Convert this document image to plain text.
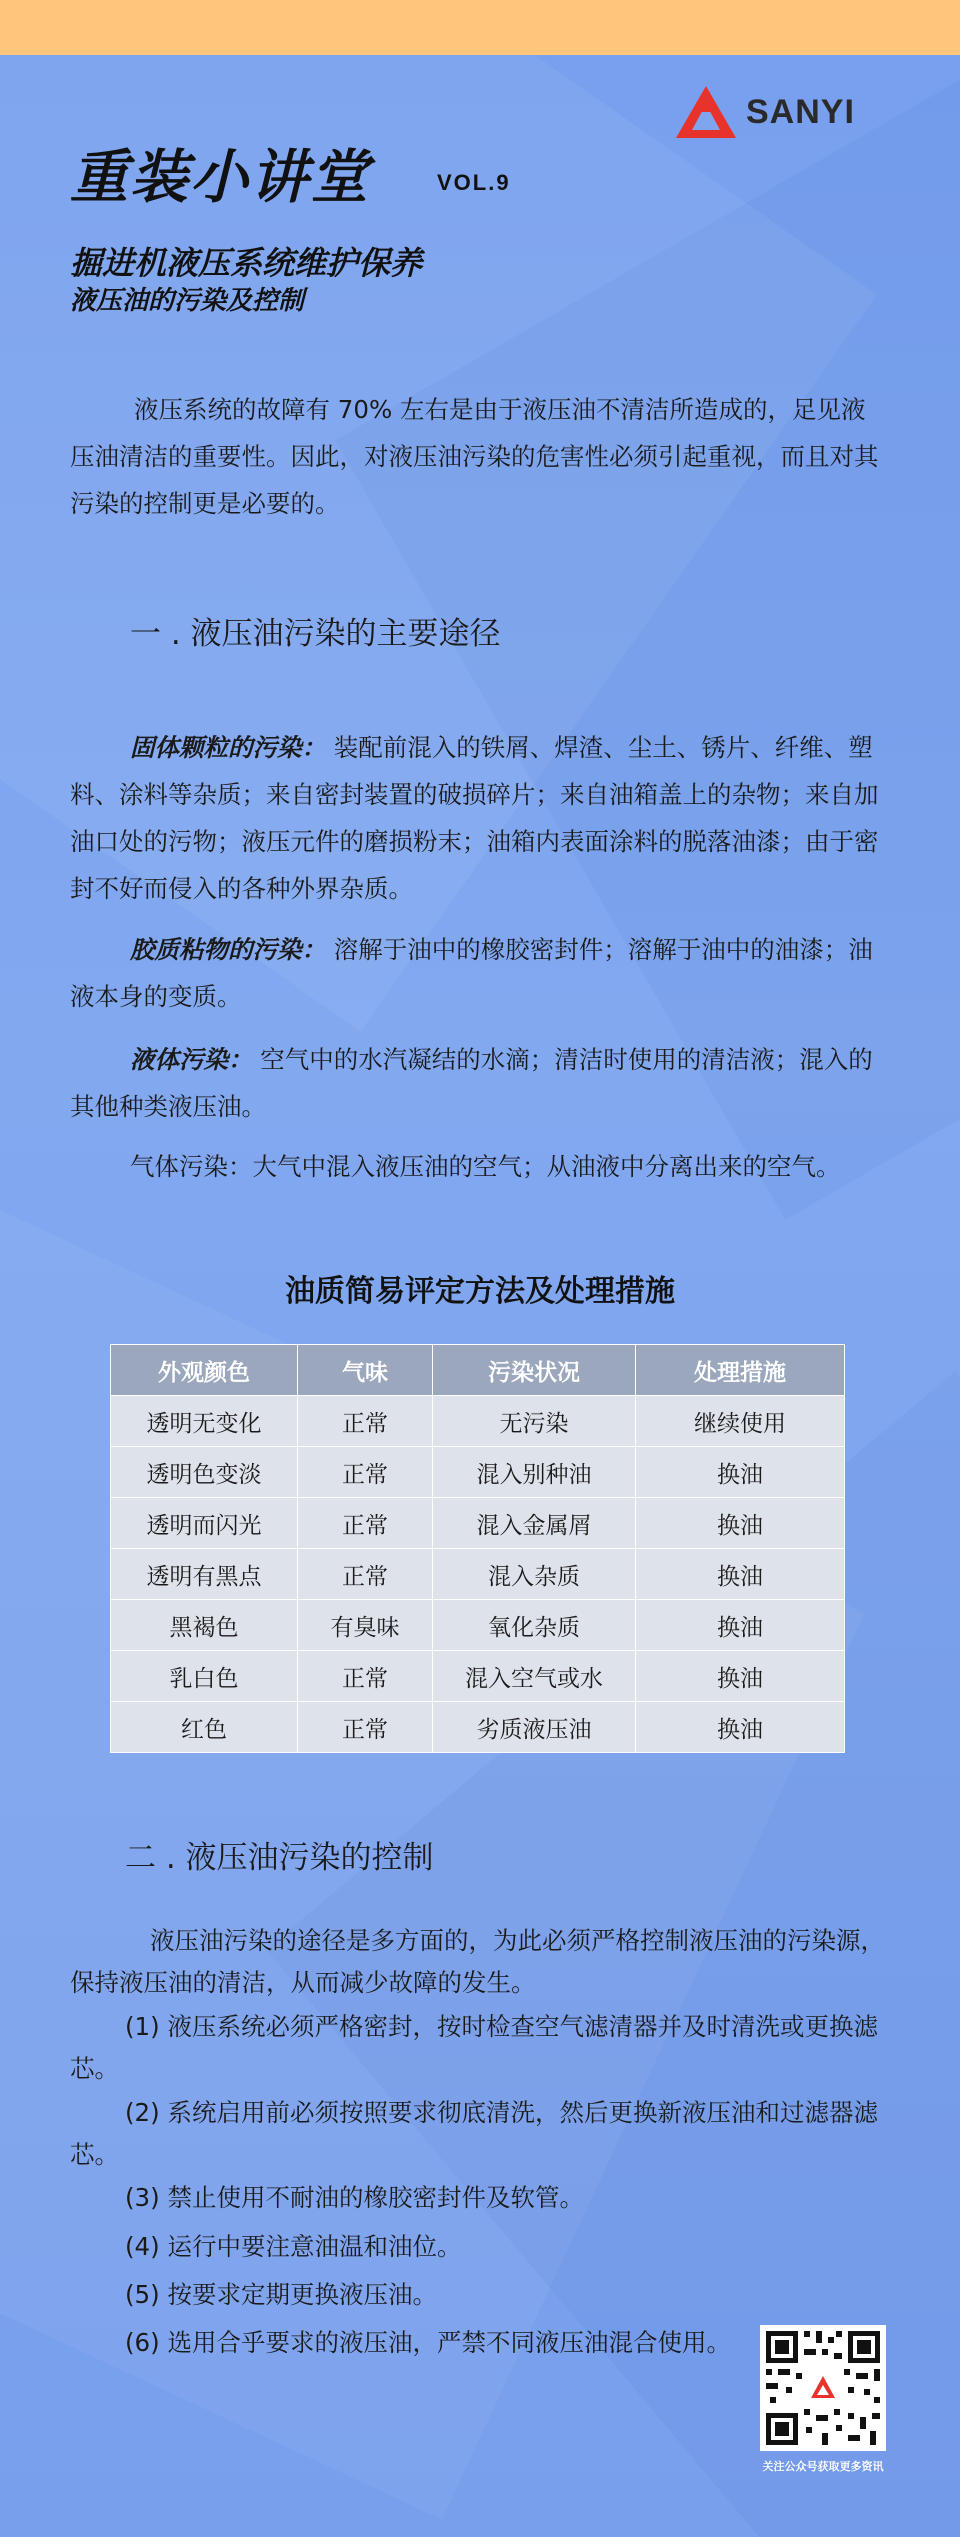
SANYI
重装小讲堂	VOL.9
掘进机液压系统维护保养
液压油的污染及控制

液压系统的故障有 70% 左右是由于液压油不清洁所造成的，足见液压油清洁的重要性。因此，对液压油污染的危害性必须引起重视，而且对其污染的控制更是必要的。

一 . 液压油污染的主要途径

固体颗粒的污染： 装配前混入的铁屑、焊渣、尘土、锈片、纤维、塑料、涂料等杂质；来自密封装置的破损碎片；来自油箱盖上的杂物；来自加油口处的污物；液压元件的磨损粉末；油箱内表面涂料的脱落油漆；由于密封不好而侵入的各种外界杂质。

胶质粘物的污染： 溶解于油中的橡胶密封件；溶解于油中的油漆；油液本身的变质。

液体污染： 空气中的水汽凝结的水滴；清洁时使用的清洁液；混入的其他种类液压油。

气体污染：大气中混入液压油的空气；从油液中分离出来的空气。

油质简易评定方法及处理措施
外观颜色	气味	污染状况	处理措施
透明无变化	正常	无污染	继续使用
透明色变淡	正常	混入别种油	换油
透明而闪光	正常	混入金属屑	换油
透明有黑点	正常	混入杂质	换油
黑褐色	有臭味	氧化杂质	换油
乳白色	正常	混入空气或水	换油
红色	正常	劣质液压油	换油
二 . 液压油污染的控制

液压油污染的途径是多方面的，为此必须严格控制液压油的污染源，保持液压油的清洁，从而减少故障的发生。

(1) 液压系统必须严格密封，按时检查空气滤清器并及时清洗或更换滤芯。

(2) 系统启用前必须按照要求彻底清洗，然后更换新液压油和过滤器滤芯。

(3) 禁止使用不耐油的橡胶密封件及软管。

(4) 运行中要注意油温和油位。

(5) 按要求定期更换液压油。

(6) 选用合乎要求的液压油，严禁不同液压油混合使用。

关注公众号获取更多资讯
